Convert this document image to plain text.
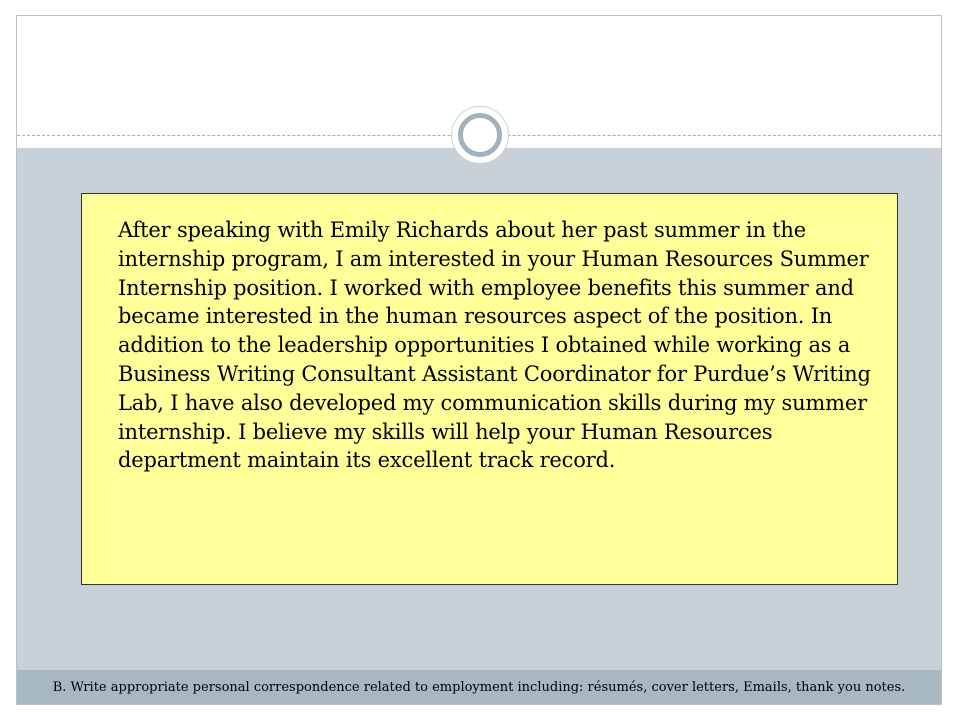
After speaking with Emily Richards about her past summer in the internship program, I am interested in your Human Resources Summer Internship position. I worked with employee benefits this summer and became interested in the human resources aspect of the position. In addition to the leadership opportunities I obtained while working as a Business Writing Consultant Assistant Coordinator for Purdue’s Writing Lab, I have also developed my communication skills during my summer internship. I believe my skills will help your Human Resources department maintain its excellent track record.

B. Write appropriate personal correspondence related to employment including: résumés, cover letters, Emails, thank you notes.
